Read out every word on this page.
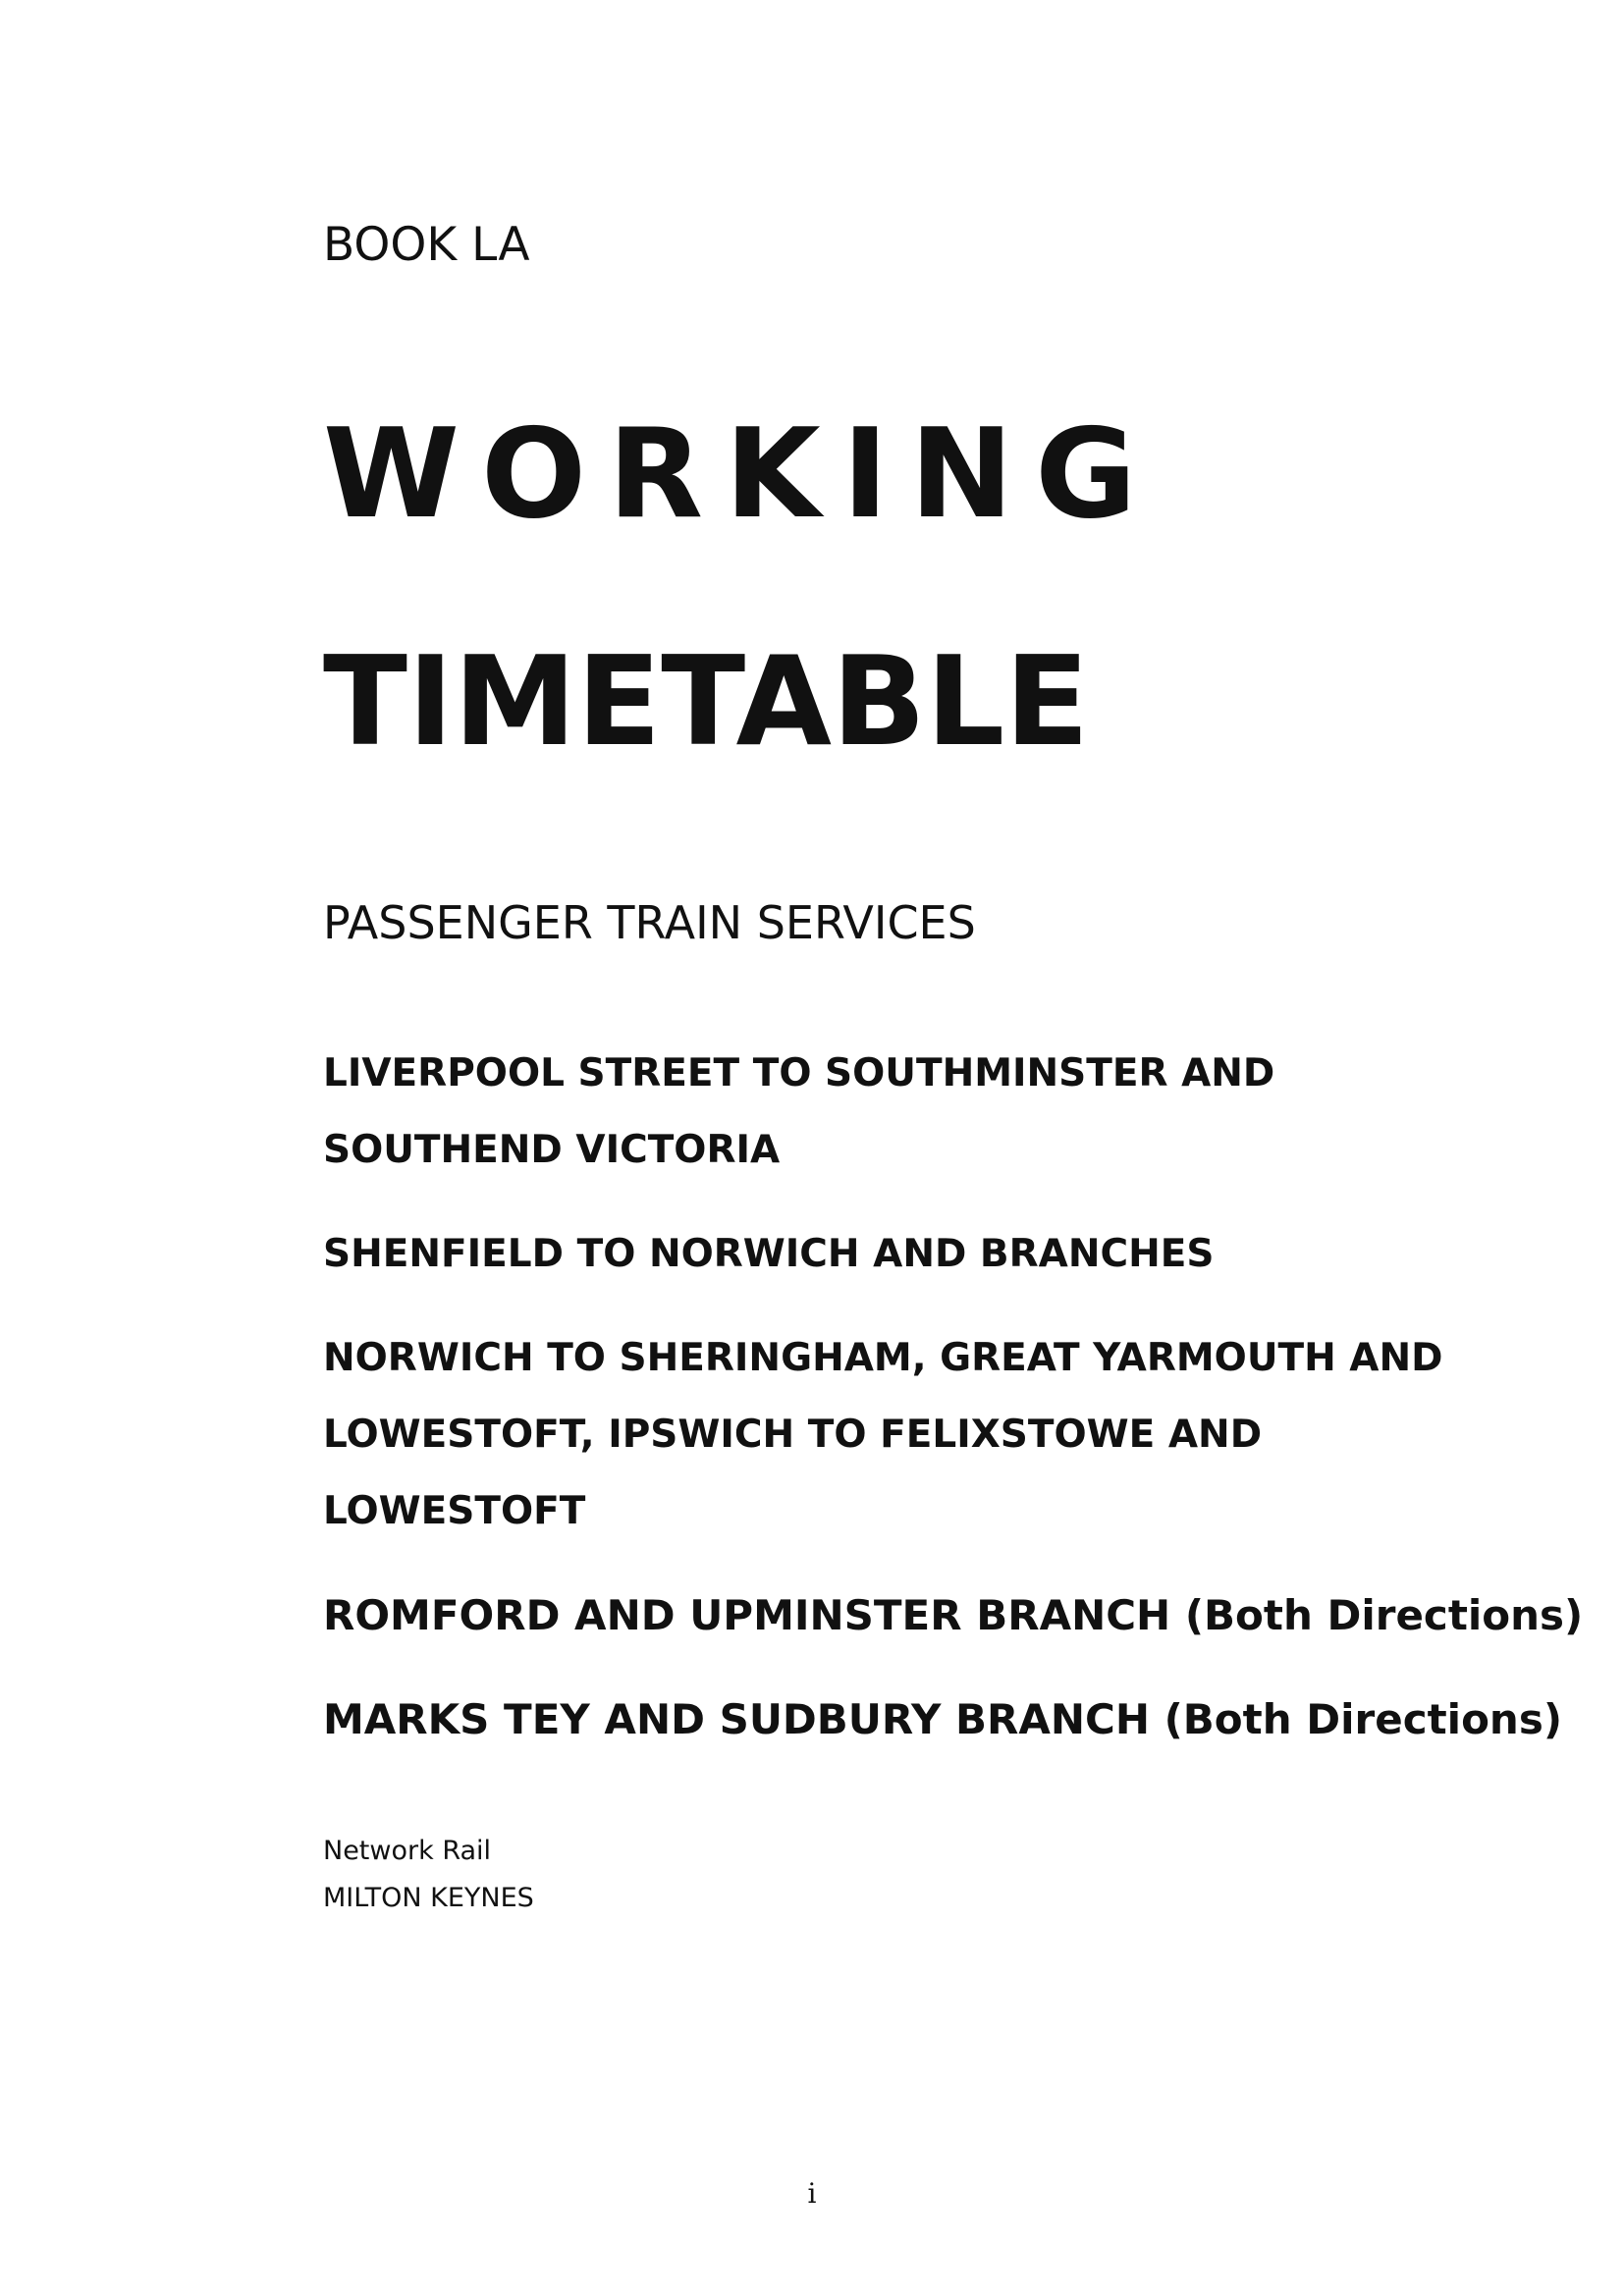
BOOK LA
WORKING
TIMETABLE
PASSENGER TRAIN SERVICES
LIVERPOOL STREET TO SOUTHMINSTER AND
SOUTHEND VICTORIA
SHENFIELD TO NORWICH AND BRANCHES
NORWICH TO SHERINGHAM, GREAT YARMOUTH AND
LOWESTOFT, IPSWICH TO FELIXSTOWE AND
LOWESTOFT
ROMFORD AND UPMINSTER BRANCH (Both Directions)
MARKS TEY AND SUDBURY BRANCH (Both Directions)
Network Rail
MILTON KEYNES
i
